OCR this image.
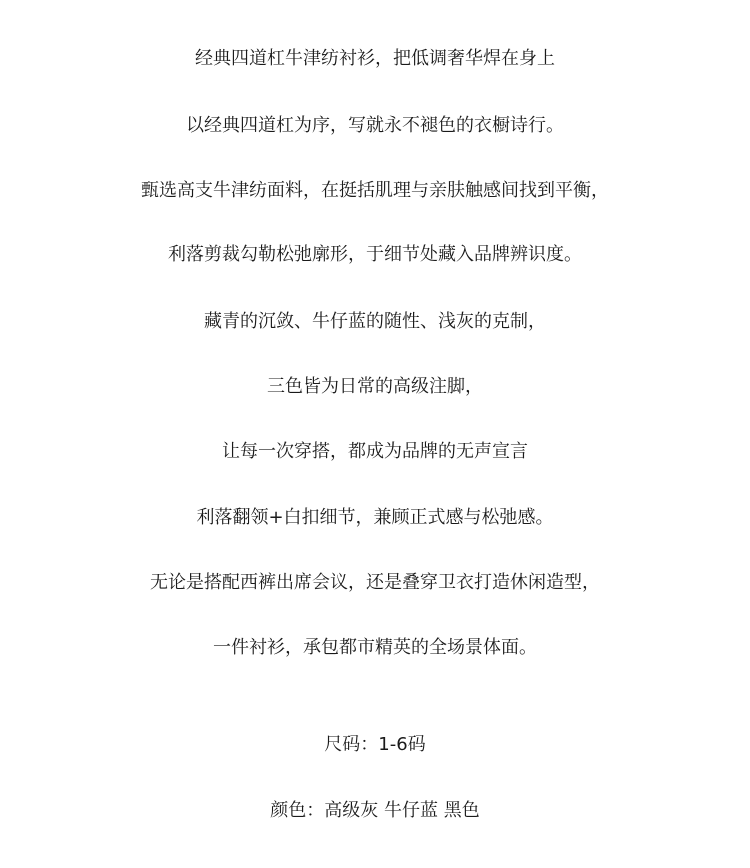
经典四道杠牛津纺衬衫，把低调奢华焊在身上
以经典四道杠为序，写就永不褪色的衣橱诗行。
甄选高支牛津纺面料，在挺括肌理与亲肤触感间找到平衡，
利落剪裁勾勒松弛廓形，于细节处藏入品牌辨识度。
藏青的沉敛、牛仔蓝的随性、浅灰的克制，
三色皆为日常的高级注脚，
让每一次穿搭，都成为品牌的无声宣言
利落翻领+白扣细节，兼顾正式感与松弛感。
无论是搭配西裤出席会议，还是叠穿卫衣打造休闲造型，
一件衬衫，承包都市精英的全场景体面。
尺码：1-6码
颜色：高级灰 牛仔蓝 黑色
